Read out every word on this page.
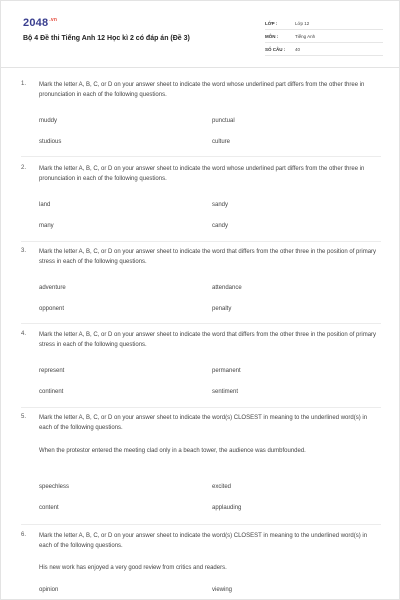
$2048^{.vn}$
Bộ 4 Đề thi Tiếng Anh 12 Học kì 2 có đáp án (Đề 3)
LỚP :	Lớp 12
MÔN :	Tiếng Anh
SỐ CÂU :	40
1. Mark the letter A, B, C, or D on your answer sheet to indicate the word whose underlined part differs from the other three in pronunciation in each of the following questions.
muddy	punctual
studious	culture
2. Mark the letter A, B, C, or D on your answer sheet to indicate the word whose underlined part differs from the other three in pronunciation in each of the following questions.
land	sandy
many	candy
3. Mark the letter A, B, C, or D on your answer sheet to indicate the word that differs from the other three in the position of primary stress in each of the following questions.
adventure	attendance
opponent	penalty
4. Mark the letter A, B, C, or D on your answer sheet to indicate the word that differs from the other three in the position of primary stress in each of the following questions.
represent	permanent
continent	sentiment
5. Mark the letter A, B, C, or D on your answer sheet to indicate the word(s) CLOSEST in meaning to the underlined word(s) in each of the following questions.
When the protestor entered the meeting clad only in a beach tower, the audience was dumbfounded.
speechless	excited
content	applauding
6. Mark the letter A, B, C, or D on your answer sheet to indicate the word(s) CLOSEST in meaning to the underlined word(s) in each of the following questions.
His new work has enjoyed a very good review from critics and readers.
opinion	viewing
